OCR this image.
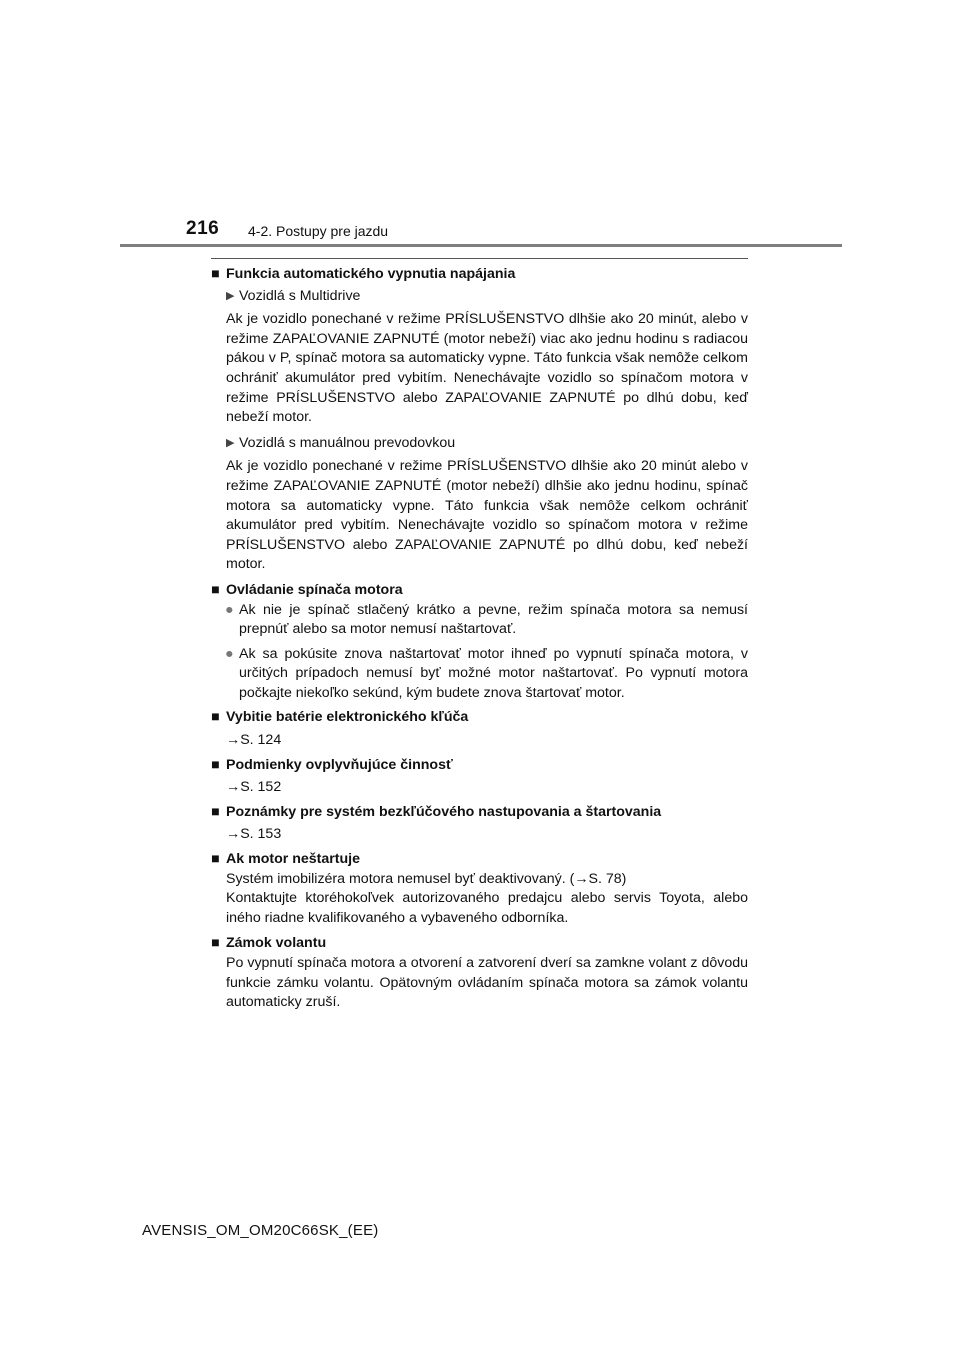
216 4-2. Postupy pre jazdu
■ Funkcia automatického vypnutia napájania
▶ Vozidlá s Multidrive
Ak je vozidlo ponechané v režime PRÍSLUŠENSTVO dlhšie ako 20 minút, alebo v režime ZAPAĽOVANIE ZAPNUTÉ (motor nebeží) viac ako jednu hodinu s radiacou pákou v P, spínač motora sa automaticky vypne. Táto funkcia však nemôže celkom ochrániť akumulátor pred vybitím. Nenechávajte vozidlo so spínačom motora v režime PRÍSLUŠENSTVO alebo ZAPAĽOVANIE ZAPNUTÉ po dlhú dobu, keď nebeží motor.
▶ Vozidlá s manuálnou prevodovkou
Ak je vozidlo ponechané v režime PRÍSLUŠENSTVO dlhšie ako 20 minút alebo v režime ZAPAĽOVANIE ZAPNUTÉ (motor nebeží) dlhšie ako jednu hodinu, spínač motora sa automaticky vypne. Táto funkcia však nemôže celkom ochrániť akumulátor pred vybitím. Nenechávajte vozidlo so spínačom motora v režime PRÍSLUŠENSTVO alebo ZAPAĽOVANIE ZAPNUTÉ po dlhú dobu, keď nebeží motor.
■ Ovládanie spínača motora
● Ak nie je spínač stlačený krátko a pevne, režim spínača motora sa nemusí prepnúť alebo sa motor nemusí naštartovať.
● Ak sa pokúsite znova naštartovať motor ihneď po vypnutí spínača motora, v určitých prípadoch nemusí byť možné motor naštartovať. Po vypnutí motora počkajte niekoľko sekúnd, kým budete znova štartovať motor.
■ Vybitie batérie elektronického kľúča
→S. 124
■ Podmienky ovplyvňujúce činnosť
→S. 152
■ Poznámky pre systém bezkľúčového nastupovania a štartovania
→S. 153
■ Ak motor neštartuje
Systém imobilizéra motora nemusel byť deaktivovaný. (→S. 78)
Kontaktujte ktoréhokoľvek autorizovaného predajcu alebo servis Toyota, alebo iného riadne kvalifikovaného a vybaveného odborníka.
■ Zámok volantu
Po vypnutí spínača motora a otvorení a zatvorení dverí sa zamkne volant z dôvodu funkcie zámku volantu. Opätovným ovládaním spínača motora sa zámok volantu automaticky zruší.
AVENSIS_OM_OM20C66SK_(EE)
